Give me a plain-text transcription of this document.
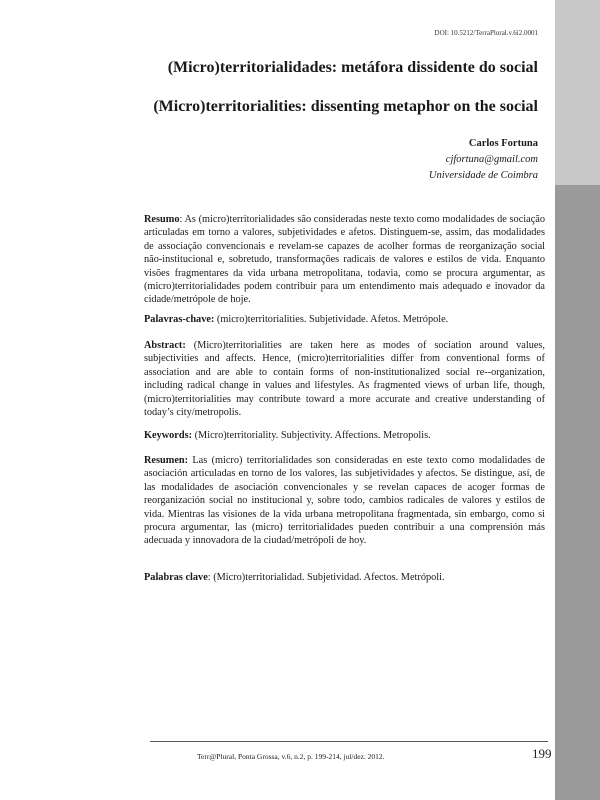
DOI: 10.5212/TerraPlural.v.6i2.0001
(Micro)territorialidades: metáfora dissidente do social
(Micro)territorialities: dissenting metaphor on the social
Carlos Fortuna
cjfortuna@gmail.com
Universidade de Coimbra
Resumo: As (micro)territorialidades são consideradas neste texto como modalidades de sociação articuladas em torno a valores, subjetividades e afetos. Distinguem-se, assim, das modalidades de associação convencionais e revelam-se capazes de acolher formas de reorganização social não-institucional e, sobretudo, transformações radicais de valores e estilos de vida. Enquanto visões fragmentares da vida urbana metropolitana, todavia, como se procura argumentar, as (micro)territorialidades podem contribuir para um entendimento mais adequado e inovador da cidade/metrópole de hoje.
Palavras-chave: (micro)territorialities. Subjetividade. Afetos. Metrópole.
Abstract: (Micro)territorialities are taken here as modes of sociation around values, subjectivities and affects. Hence, (micro)territorialities differ from conventional forms of association and are able to contain forms of non-institutionalized social re--organization, including radical change in values and lifestyles. As fragmented views of urban life, though, (micro)territorialities may contribute toward a more accurate and creative understanding of today’s city/metropolis.
Keywords: (Micro)territoriality. Subjectivity. Affections. Metropolis.
Resumen: Las (micro) territorialidades son consideradas en este texto como modalidades de asociación articuladas en torno de los valores, las subjetividades y afectos. Se distingue, así, de las modalidades de asociación convencionales y se revelan capaces de acoger formas de reorganización social no institucional y, sobre todo, cambios radicales de valores y estilos de vida. Mientras las visiones de la vida urbana metropolitana fragmentada, sin embargo, como si procura argumentar, las (micro) territorialidades pueden contribuir a una comprensión más adecuada y innovadora de la ciudad/metrópoli de hoy.
Palabras clave: (Micro)territorialidad. Subjetividad. Afectos. Metrópoli.
Terr@Plural, Ponta Grossa, v.6, n.2, p. 199-214, jul/dez. 2012.	199
